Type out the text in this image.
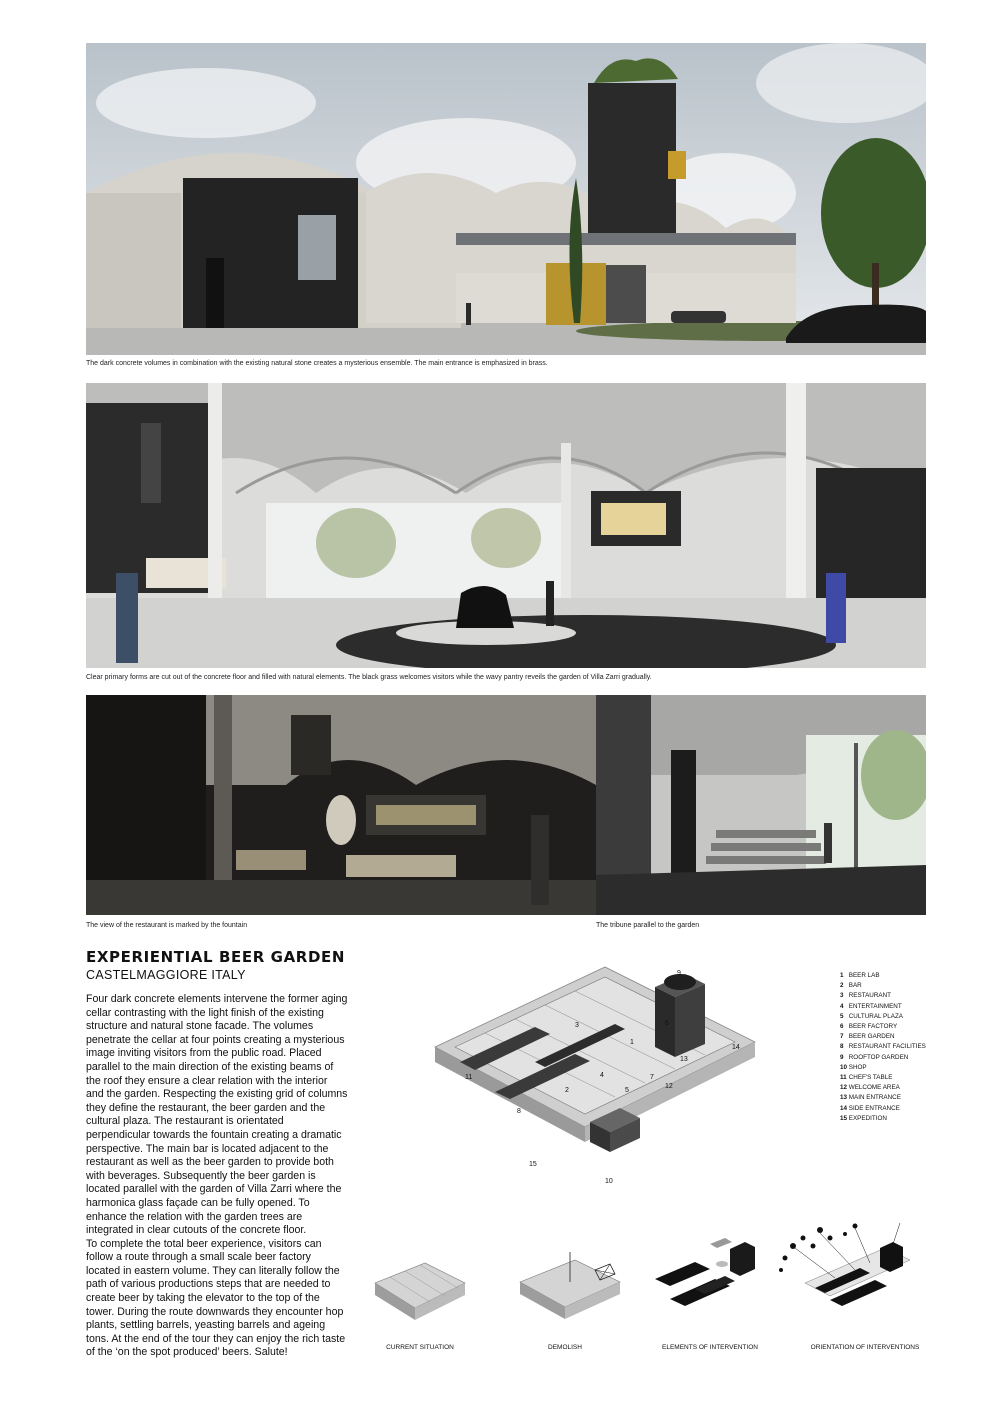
The dark concrete volumes in combination with the existing natural stone creates a mysterious ensemble. The main entrance is emphasized in brass.
Clear primary forms are cut out of the concrete floor and filled with natural elements. The black grass welcomes visitors while the wavy pantry reveils the garden of Villa Zarri gradually.
The view of the restaurant is marked by the fountain	The tribune parallel to the garden
EXPERIENTIAL BEER GARDEN
CASTELMAGGIORE ITALY

Four dark concrete elements intervene the former aging cellar contrasting with the light finish of the existing structure and natural stone facade. The volumes penetrate the cellar at four points creating a mysterious image inviting visitors from the public road. Placed parallel to the main direction of the existing beams of the roof they ensure a clear relation with the interior and the garden. Respecting the existing grid of columns they define the restaurant, the beer garden and the cultural plaza. The restaurant is orientated perpendicular towards the fountain creating a dramatic perspective. The main bar is located adjacent to the restaurant as well as the beer garden to provide both with beverages. Subsequently the beer garden is located parallel with the garden of Villa Zarri where the harmonica glass façade can be fully opened. To enhance the relation with the garden trees are integrated in clear cutouts of the concrete floor.

To complete the total beer experience, visitors can follow a route through a small scale beer factory located in eastern volume. They can literally follow the path of various productions steps that are needed to create beer by taking the elevator to the top of the tower. During the route downwards they encounter hop plants, settling barrels, yeasting barrels and ageing tons. At the end of the tour they can enjoy the rich taste of the ‘on the spot produced’ beers. Salute!

1
2
3
4
5
6
7
8
9
10
11
12
13
14
15
1 BEER LAB
2 BAR
3 RESTAURANT
4 ENTERTAINMENT
5 CULTURAL PLAZA
6 BEER FACTORY
7 BEER GARDEN
8 RESTAURANT FACILITIES
9 ROOFTOP GARDEN
10 SHOP
11 CHEF'S TABLE
12 WELCOME AREA
13 MAIN ENTRANCE
14 SIDE ENTRANCE
15 EXPEDITION
CURRENT SITUATION	DEMOLISH	ELEMENTS OF INTERVENTION	ORIENTATION OF INTERVENTIONS
